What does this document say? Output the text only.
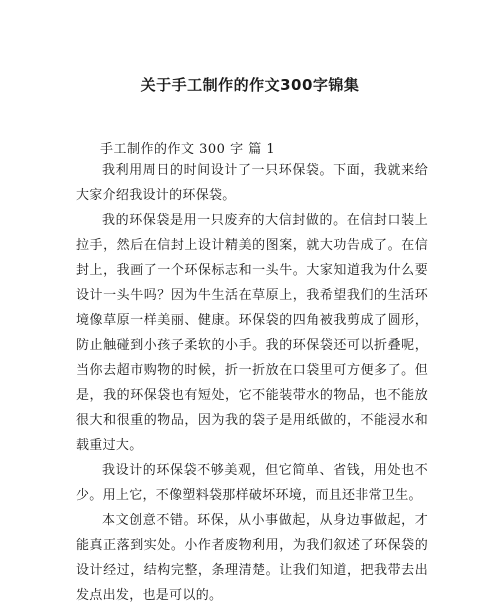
关于手工制作的作文300字锦集
手工制作的作文 300 字 篇 1

我利用周日的时间设计了一只环保袋。下面，我就来给大家介绍我设计的环保袋。

我的环保袋是用一只废弃的大信封做的。在信封口装上拉手，然后在信封上设计精美的图案，就大功告成了。在信封上，我画了一个环保标志和一头牛。大家知道我为什么要设计一头牛吗？因为牛生活在草原上，我希望我们的生活环境像草原一样美丽、健康。环保袋的四角被我剪成了圆形，防止触碰到小孩子柔软的小手。我的环保袋还可以折叠呢，当你去超市购物的时候，折一折放在口袋里可方便多了。但是，我的环保袋也有短处，它不能装带水的物品，也不能放很大和很重的物品，因为我的袋子是用纸做的，不能浸水和载重过大。

我设计的环保袋不够美观，但它简单、省钱，用处也不少。用上它，不像塑料袋那样破坏环境，而且还非常卫生。

本文创意不错。环保，从小事做起，从身边事做起，才能真正落到实处。小作者废物利用，为我们叙述了环保袋的设计经过，结构完整，条理清楚。让我们知道，把我带去出发点出发，也是可以的。
